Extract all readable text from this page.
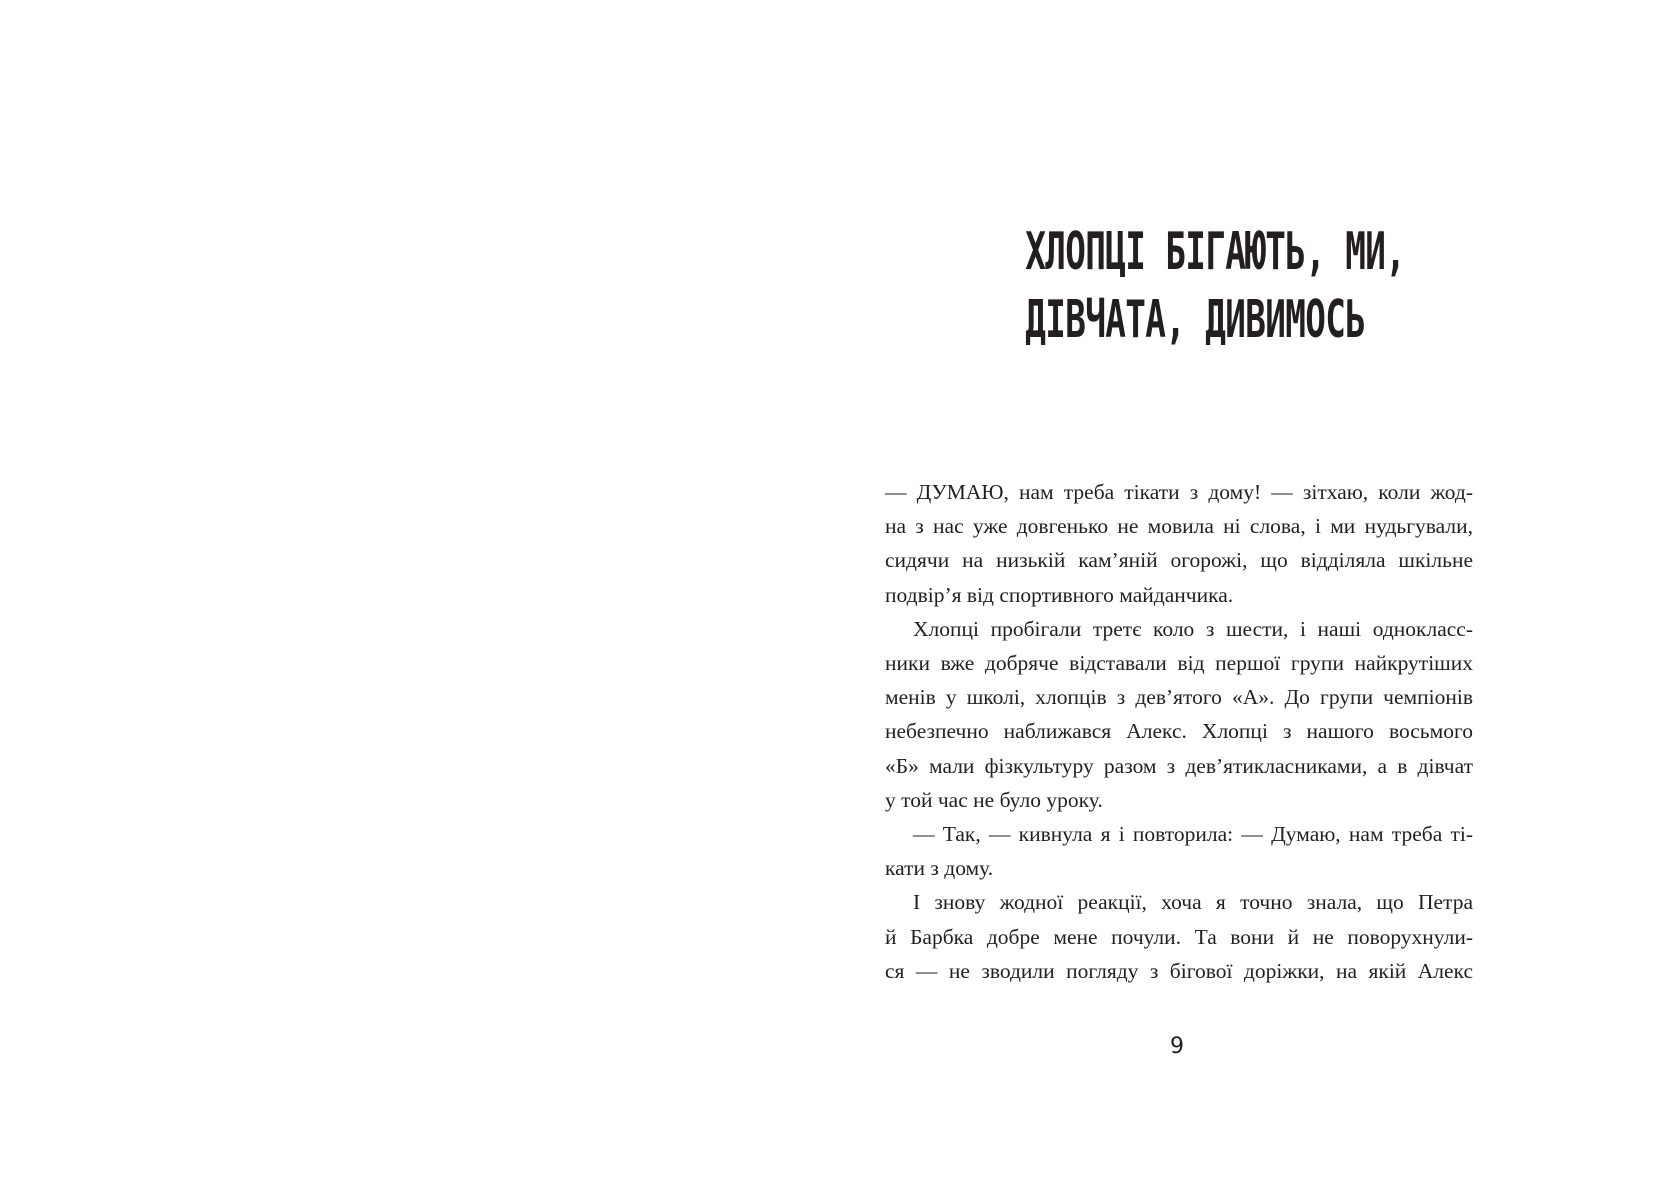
ХЛОПЦІ БІГАЮТЬ, МИ,
ДІВЧАТА, ДИВИМОСЬ

— ДУМАЮ, нам треба тікати з дому! — зітхаю, коли жод-
на з нас уже довгенько не мовила ні слова, і ми нудьгували,
сидячи на низькій кам’яній огорожі, що відділяла шкільне
подвір’я від спортивного майданчика.

Хлопці пробігали третє коло з шести, і наші однокласс-
ники вже добряче відставали від першої групи найкрутіших
менів у школі, хлопців з дев’ятого «А». До групи чемпіонів
небезпечно наближався Алекс. Хлопці з нашого восьмого
«Б» мали фізкультуру разом з дев’ятикласниками, а в дівчат
у той час не було уроку.

— Так, — кивнула я і повторила: — Думаю, нам треба ті-
кати з дому.

І знову жодної реакції, хоча я точно знала, що Петра
й Барбка добре мене почули. Та вони й не поворухнули-
ся — не зводили погляду з бігової доріжки, на якій Алекс

9
